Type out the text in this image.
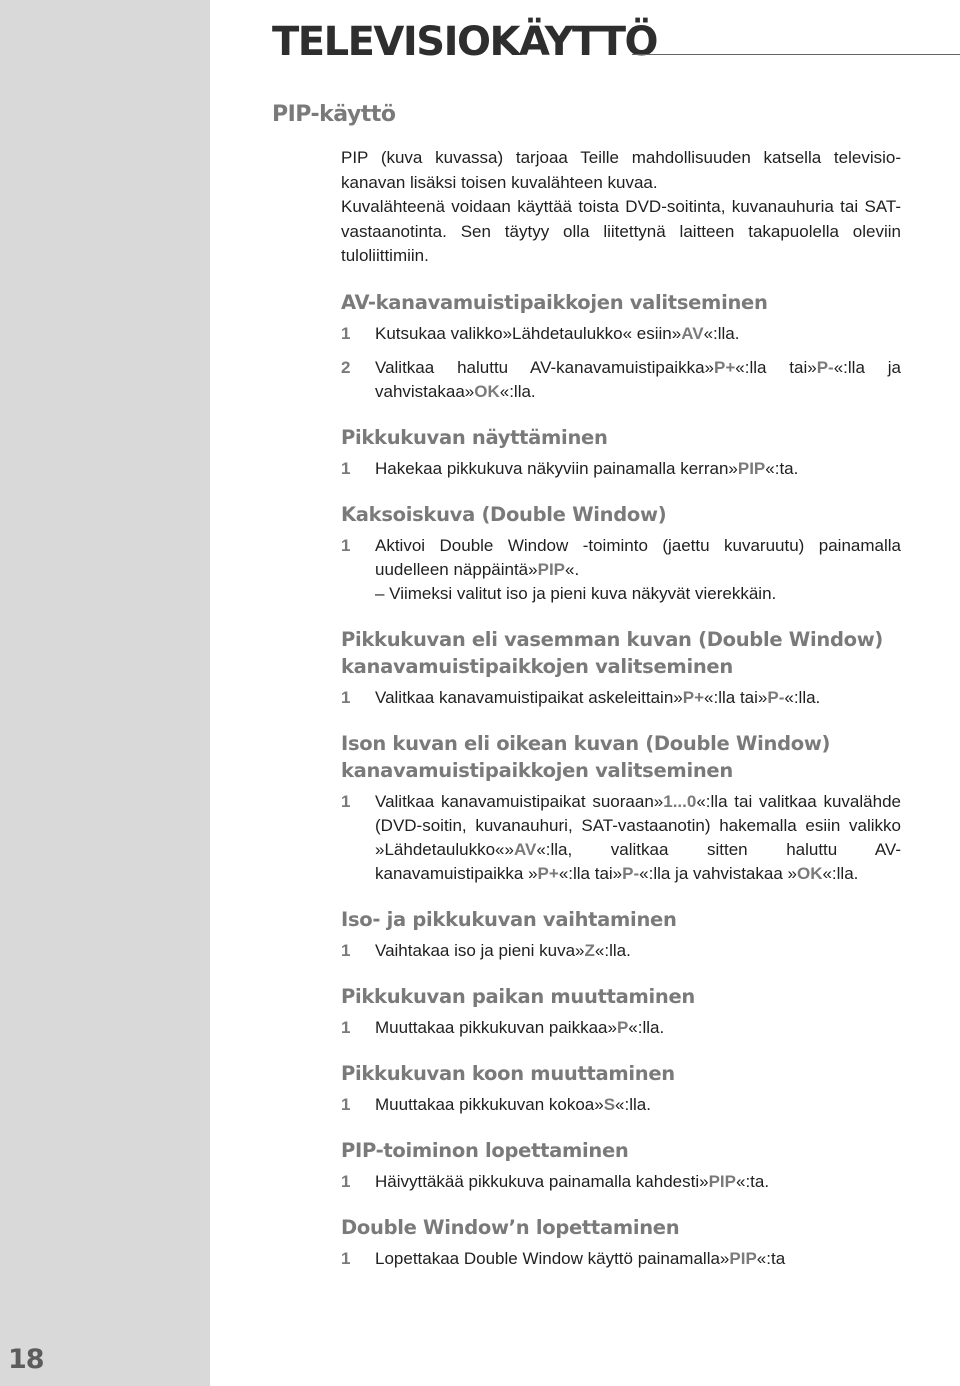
18
TELEVISIOKÄYTTÖ
PIP-käyttö

PIP (kuva kuvassa) tarjoaa Teille mahdollisuuden katsella televisio- kanavan lisäksi toisen kuvalähteen kuvaa.

Kuvalähteenä voidaan käyttää toista DVD-soitinta, kuvanauhuria tai SAT-vastaanotinta. Sen täytyy olla liitettynä laitteen takapuolella oleviin tuloliittimiin.

AV-kanavamuistipaikkojen valitseminen
1	Kutsukaa valikko»Lähdetaulukko« esiin»AV«:lla.
2	Valitkaa haluttu AV-kanavamuistipaikka»P+«:lla tai»P-«:lla ja vahvistakaa»OK«:lla.
Pikkukuvan näyttäminen
1	Hakekaa pikkukuva näkyviin painamalla kerran»PIP«:ta.
Kaksoiskuva (Double Window)
1	Aktivoi Double Window -toiminto (jaettu kuvaruutu) painamalla uudelleen näppäintä»PIP«.
– Viimeksi valitut iso ja pieni kuva näkyvät vierekkäin.
Pikkukuvan eli vasemman kuvan (Double Window) kanavamuistipaikkojen valitseminen
1	Valitkaa kanavamuistipaikat askeleittain»P+«:lla tai»P-«:lla.
Ison kuvan eli oikean kuvan (Double Window) kanavamuistipaikkojen valitseminen
1	Valitkaa kanavamuistipaikat suoraan»1...0«:lla tai valitkaa kuvalähde (DVD-soitin, kuvanauhuri, SAT-vastaanotin) hakemalla esiin valikko »Lähdetaulukko«»AV«:lla, valitkaa sitten haluttu AV-kanavamuistipaikka »P+«:lla tai»P-«:lla ja vahvistakaa »OK«:lla.
Iso- ja pikkukuvan vaihtaminen
1	Vaihtakaa iso ja pieni kuva»Z«:lla.
Pikkukuvan paikan muuttaminen
1	Muuttakaa pikkukuvan paikkaa»P«:lla.
Pikkukuvan koon muuttaminen
1	Muuttakaa pikkukuvan kokoa»S«:lla.
PIP-toiminon lopettaminen
1	Häivyttäkää pikkukuva painamalla kahdesti»PIP«:ta.
Double Window’n lopettaminen
1	Lopettakaa Double Window käyttö painamalla»PIP«:ta
